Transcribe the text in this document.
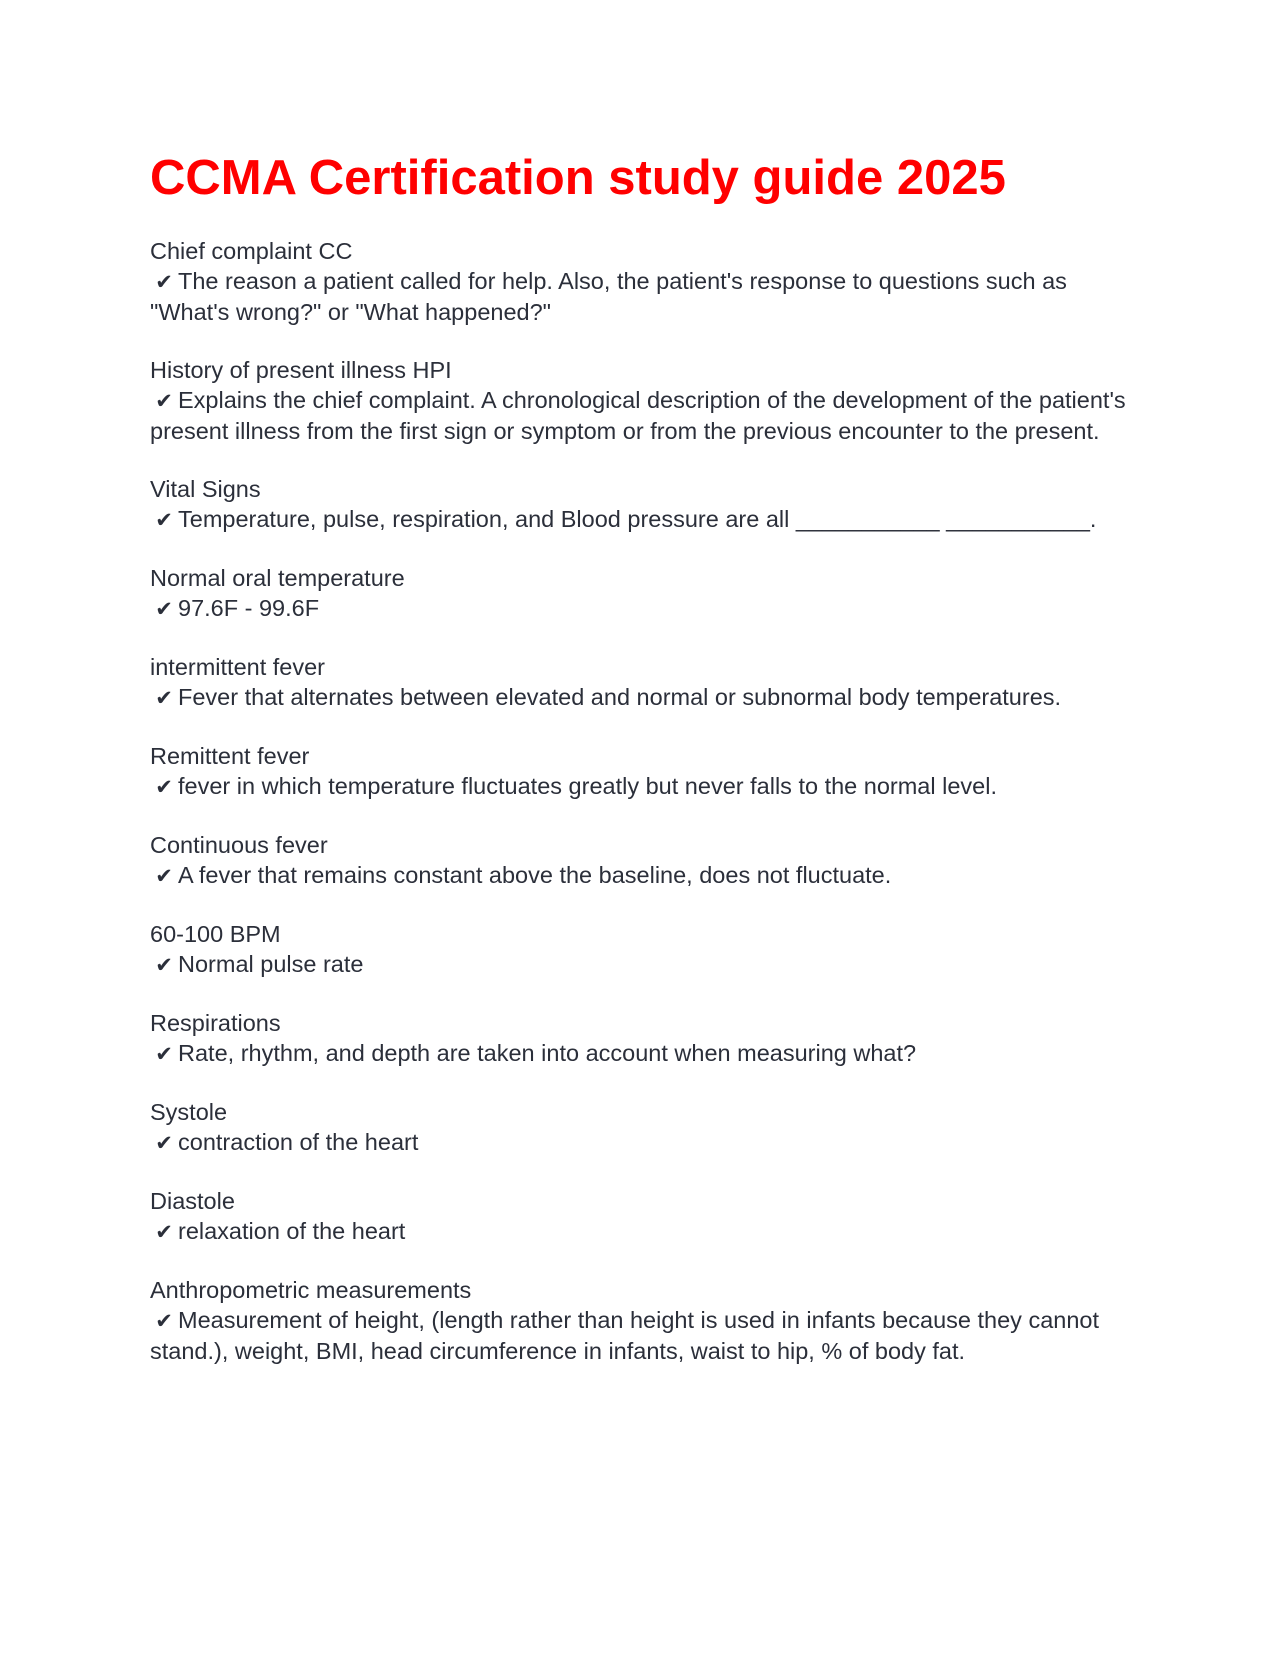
CCMA Certification study guide 2025

Chief complaint CC

✔ The reason a patient called for help. Also, the patient's response to questions such as "What's wrong?" or "What happened?"

History of present illness HPI

✔ Explains the chief complaint. A chronological description of the development of the patient's present illness from the first sign or symptom or from the previous encounter to the present.

Vital Signs

✔ Temperature, pulse, respiration, and Blood pressure are all ___________ ___________.

Normal oral temperature

✔ 97.6F - 99.6F

intermittent fever

✔ Fever that alternates between elevated and normal or subnormal body temperatures.

Remittent fever

✔ fever in which temperature fluctuates greatly but never falls to the normal level.

Continuous fever

✔ A fever that remains constant above the baseline, does not fluctuate.

60-100 BPM

✔ Normal pulse rate

Respirations

✔ Rate, rhythm, and depth are taken into account when measuring what?

Systole

✔ contraction of the heart

Diastole

✔ relaxation of the heart

Anthropometric measurements

✔ Measurement of height, (length rather than height is used in infants because they cannot stand.), weight, BMI, head circumference in infants, waist to hip, % of body fat.
